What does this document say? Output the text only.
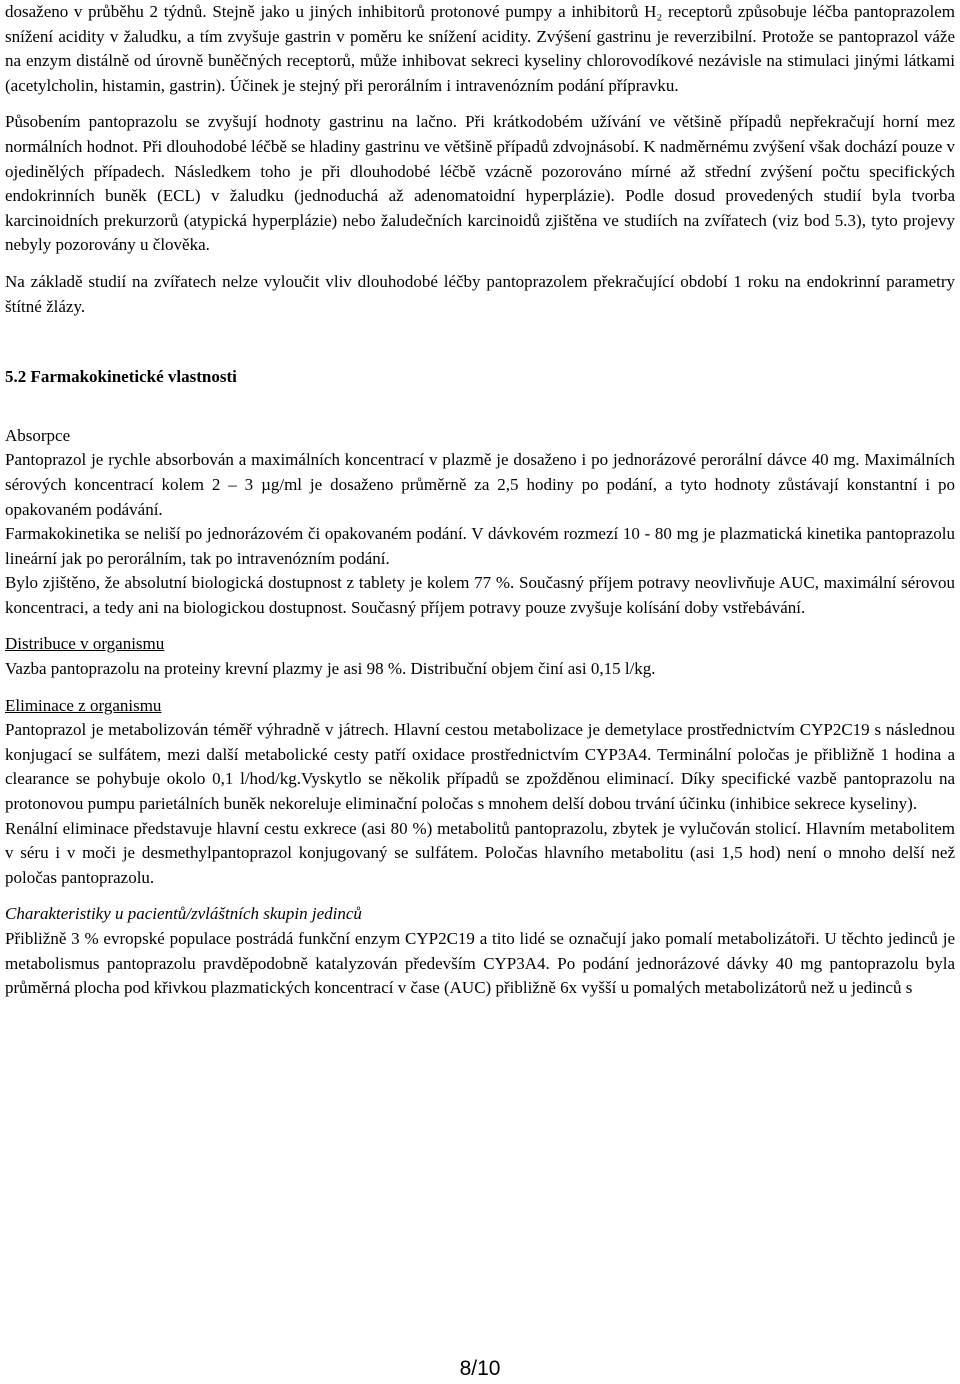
dosaženo v průběhu 2 týdnů. Stejně jako u jiných inhibitorů protonové pumpy a inhibitorů H₂ receptorů způsobuje léčba pantoprazolem snížení acidity v žaludku, a tím zvyšuje gastrin v poměru ke snížení acidity. Zvýšení gastrinu je reverzibilní. Protože se pantoprazol váže na enzym distálně od úrovně buněčných receptorů, může inhibovat sekreci kyseliny chlorovodíkové nezávisle na stimulaci jinými látkami (acetylcholin, histamin, gastrin). Účinek je stejný při perorálním i intravenózním podání přípravku.

Působením pantoprazolu se zvyšují hodnoty gastrinu na lačno. Při krátkodobém užívání ve většině případů nepřekračují horní mez normálních hodnot. Při dlouhodobé léčbě se hladiny gastrinu ve většině případů zdvojnásobí. K nadměrnému zvýšení však dochází pouze v ojedinělých případech. Následkem toho je při dlouhodobé léčbě vzácně pozorováno mírné až střední zvýšení počtu specifických endokrinních buněk (ECL) v žaludku (jednoduchá až adenomatoidní hyperplázie). Podle dosud provedených studií byla tvorba karcinoidních prekurzorů (atypická hyperplázie) nebo žaludečních karcinoidů zjištěna ve studiích na zvířatech (viz bod 5.3), tyto projevy nebyly pozorovány u člověka.

Na základě studií na zvířatech nelze vyloučit vliv dlouhodobé léčby pantoprazolem překračující období 1 roku na endokrinní parametry štítné žlázy.

5.2 Farmakokinetické vlastnosti
Absorpce

Pantoprazol je rychle absorbován a maximálních koncentrací v plazmě je dosaženo i po jednorázové perorální dávce 40 mg. Maximálních sérových koncentrací kolem 2 – 3 µg/ml je dosaženo průměrně za 2,5 hodiny po podání, a tyto hodnoty zůstávají konstantní i po opakovaném podávání.

Farmakokinetika se neliší po jednorázovém či opakovaném podání. V dávkovém rozmezí 10 - 80 mg je plazmatická kinetika pantoprazolu lineární jak po perorálním, tak po intravenózním podání.

Bylo zjištěno, že absolutní biologická dostupnost z tablety je kolem 77 %. Současný příjem potravy neovlivňuje AUC, maximální sérovou koncentraci, a tedy ani na biologickou dostupnost. Současný příjem potravy pouze zvyšuje kolísání doby vstřebávání.

Distribuce v organismu

Vazba pantoprazolu na proteiny krevní plazmy je asi 98 %. Distribuční objem činí asi 0,15 l/kg.

Eliminace z organismu

Pantoprazol je metabolizován téměř výhradně v játrech. Hlavní cestou metabolizace je demetylace prostřednictvím CYP2C19 s následnou konjugací se sulfátem, mezi další metabolické cesty patří oxidace prostřednictvím CYP3A4. Terminální poločas je přibližně 1 hodina a clearance se pohybuje okolo 0,1 l/hod/kg.Vyskytlo se několik případů se zpožděnou eliminací. Díky specifické vazbě pantoprazolu na protonovou pumpu parietálních buněk nekoreluje eliminační poločas s mnohem delší dobou trvání účinku (inhibice sekrece kyseliny).

Renální eliminace představuje hlavní cestu exkrece (asi 80 %) metabolitů pantoprazolu, zbytek je vylučován stolicí. Hlavním metabolitem v séru i v moči je desmethylpantoprazol konjugovaný se sulfátem. Poločas hlavního metabolitu (asi 1,5 hod) není o mnoho delší než poločas pantoprazolu.

Charakteristiky u pacientů/zvláštních skupin jedinců

Přibližně 3 % evropské populace postrádá funkční enzym CYP2C19 a tito lidé se označují jako pomalí metabolizátoři. U těchto jedinců je metabolismus pantoprazolu pravděpodobně katalyzován především CYP3A4. Po podání jednorázové dávky 40 mg pantoprazolu byla průměrná plocha pod křivkou plazmatických koncentrací v čase (AUC) přibližně 6x vyšší u pomalých metabolizátorů než u jedinců s

8/10
